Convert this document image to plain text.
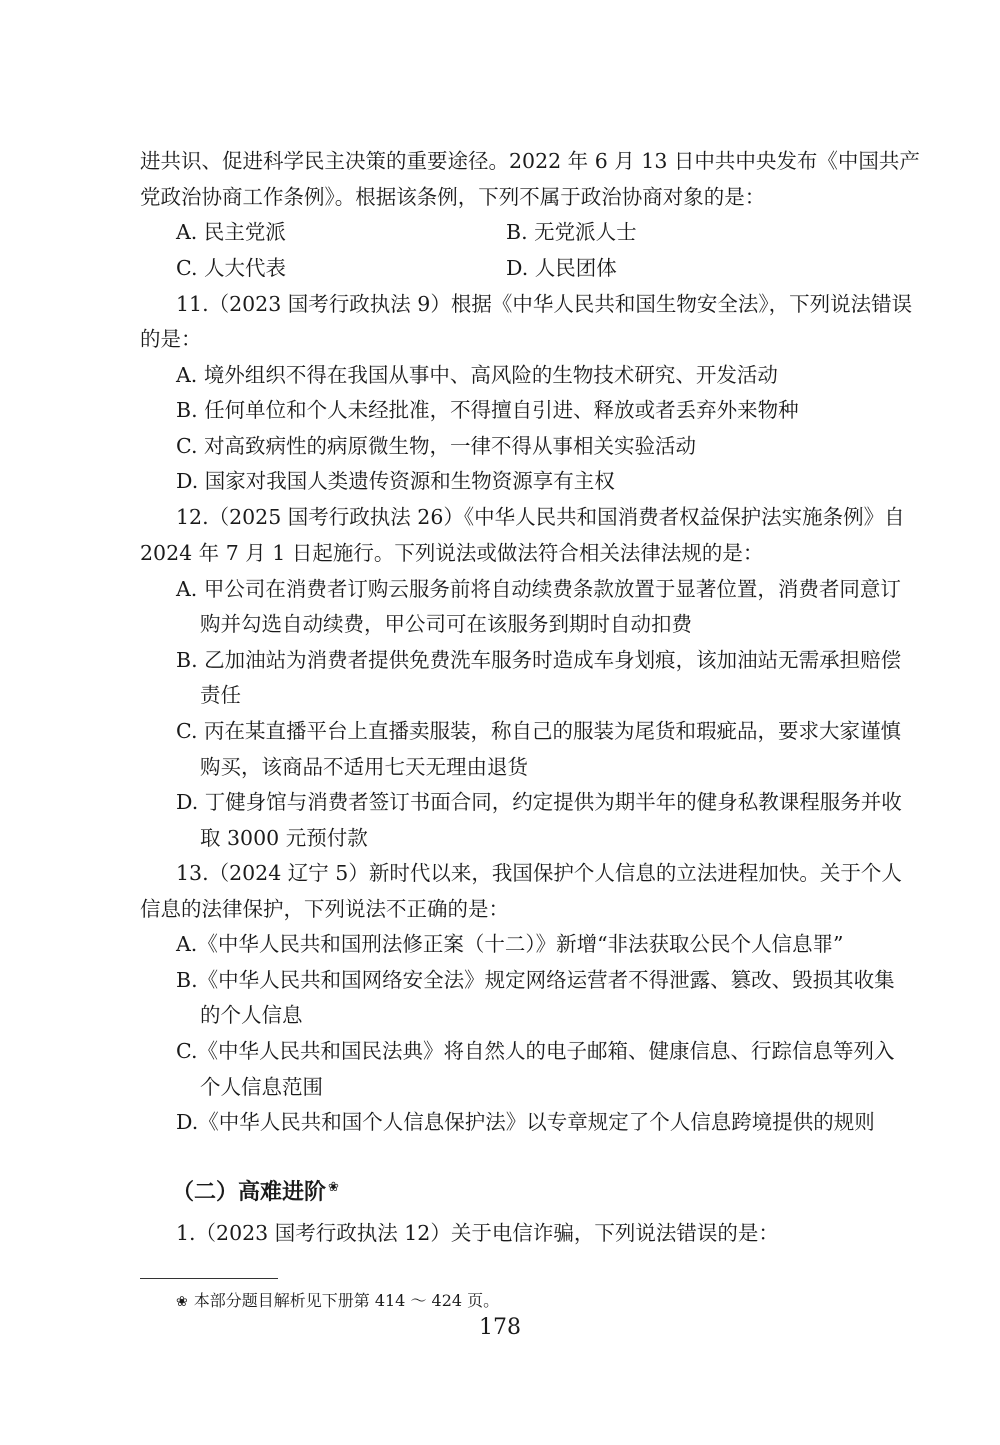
进共识、促进科学民主决策的重要途径。2022 年 6 月 13 日中共中央发布《中国共产
党政治协商工作条例》。根据该条例，下列不属于政治协商对象的是：
A. 民主党派	B. 无党派人士
C. 人大代表	D. 人民团体
11.（2023 国考行政执法 9）根据《中华人民共和国生物安全法》，下列说法错误
的是：
A. 境外组织不得在我国从事中、高风险的生物技术研究、开发活动
B. 任何单位和个人未经批准，不得擅自引进、释放或者丢弃外来物种
C. 对高致病性的病原微生物，一律不得从事相关实验活动
D. 国家对我国人类遗传资源和生物资源享有主权
12.（2025 国考行政执法 26）《中华人民共和国消费者权益保护法实施条例》自
2024 年 7 月 1 日起施行。下列说法或做法符合相关法律法规的是：
A. 甲公司在消费者订购云服务前将自动续费条款放置于显著位置，消费者同意订
购并勾选自动续费，甲公司可在该服务到期时自动扣费
B. 乙加油站为消费者提供免费洗车服务时造成车身划痕，该加油站无需承担赔偿
责任
C. 丙在某直播平台上直播卖服装，称自己的服装为尾货和瑕疵品，要求大家谨慎
购买，该商品不适用七天无理由退货
D. 丁健身馆与消费者签订书面合同，约定提供为期半年的健身私教课程服务并收
取 3000 元预付款
13.（2024 辽宁 5）新时代以来，我国保护个人信息的立法进程加快。关于个人
信息的法律保护，下列说法不正确的是：
A.《中华人民共和国刑法修正案（十二）》新增“非法获取公民个人信息罪”
B.《中华人民共和国网络安全法》规定网络运营者不得泄露、篡改、毁损其收集
的个人信息
C.《中华人民共和国民法典》将自然人的电子邮箱、健康信息、行踪信息等列入
个人信息范围
D.《中华人民共和国个人信息保护法》以专章规定了个人信息跨境提供的规则
（二）高难进阶 ❀
1.（2023 国考行政执法 12）关于电信诈骗，下列说法错误的是：
❀ 本部分题目解析见下册第 414 ～ 424 页。
178
